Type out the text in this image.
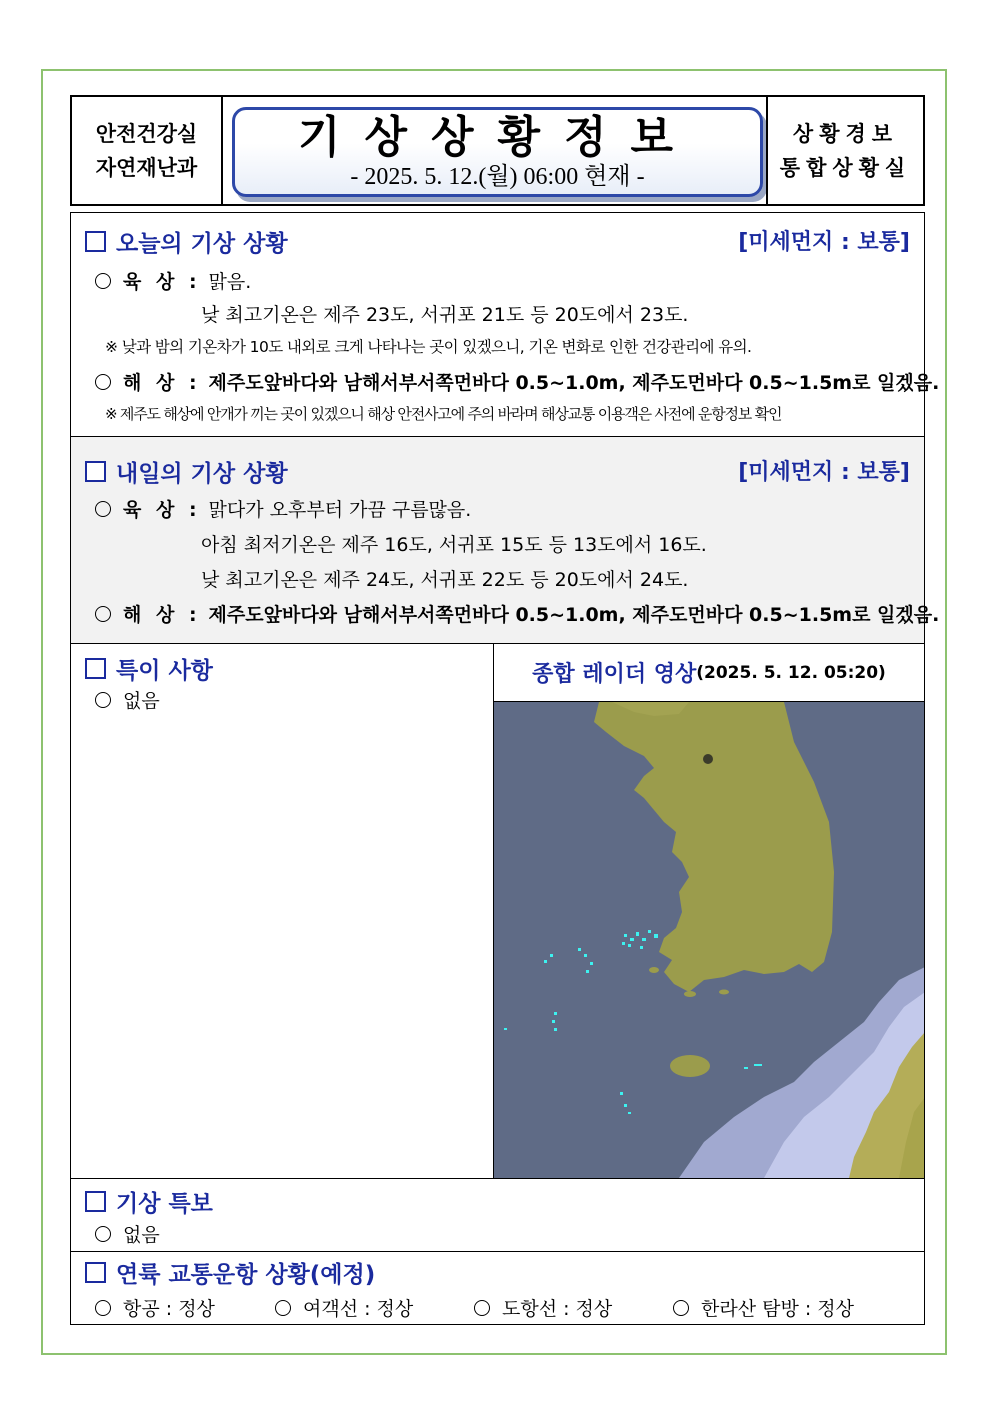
안전건강실
자연재난과
기상상황정보
- 2025. 5. 12.(월) 06:00 현재 -
상황경보
통합상황실
오늘의 기상 상황	[미세먼지 : 보통]
육 상 : 맑음.
낮 최고기온은 제주 23도, 서귀포 21도 등 20도에서 23도.
※ 낮과 밤의 기온차가 10도 내외로 크게 나타나는 곳이 있겠으니, 기온 변화로 인한 건강관리에 유의.
해 상 : 제주도앞바다와 남해서부서쪽먼바다 0.5~1.0m, 제주도먼바다 0.5~1.5m로 일겠음.
※ 제주도 해상에 안개가 끼는 곳이 있겠으니 해상 안전사고에 주의 바라며 해상교통 이용객은 사전에 운항정보 확인
내일의 기상 상황	[미세먼지 : 보통]
육 상 : 맑다가 오후부터 가끔 구름많음.
아침 최저기온은 제주 16도, 서귀포 15도 등 13도에서 16도.
낮 최고기온은 제주 24도, 서귀포 22도 등 20도에서 24도.
해 상 : 제주도앞바다와 남해서부서쪽먼바다 0.5~1.0m, 제주도먼바다 0.5~1.5m로 일겠음.
특이 사항
없음
종합 레이더 영상 (2025. 5. 12. 05:20)
기상 특보
없음
연륙 교통운항 상황(예정)
항공 : 정상	여객선 : 정상	도항선 : 정상	한라산 탐방 : 정상
